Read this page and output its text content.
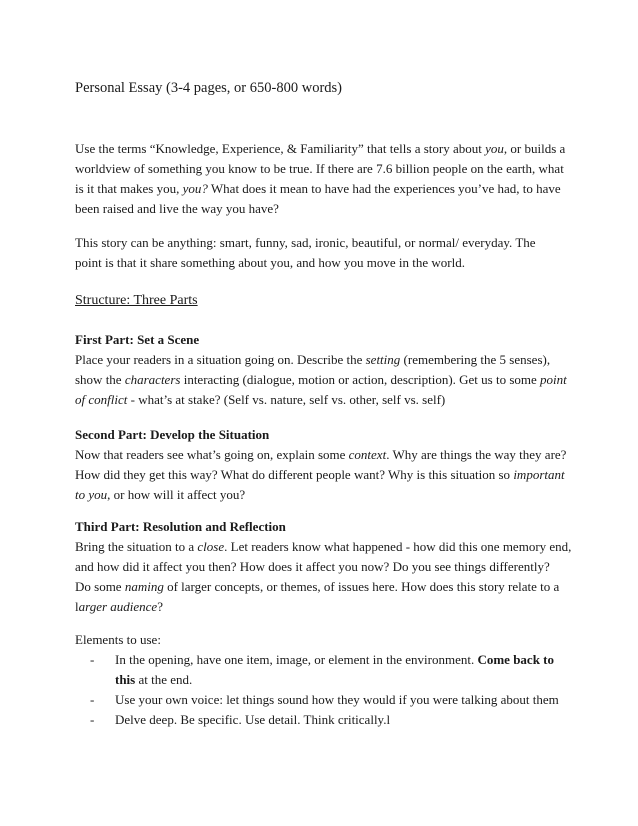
Personal Essay (3-4 pages, or 650-800 words)
Use the terms “Knowledge, Experience, & Familiarity” that tells a story about you, or builds a
worldview of something you know to be true. If there are 7.6 billion people on the earth, what
is it that makes you, you? What does it mean to have had the experiences you’ve had, to have
been raised and live the way you have?
This story can be anything: smart, funny, sad, ironic, beautiful, or normal/ everyday. The
point is that it share something about you, and how you move in the world.
Structure: Three Parts
First Part: Set a Scene
Place your readers in a situation going on. Describe the setting (remembering the 5 senses),
show the characters interacting (dialogue, motion or action, description). Get us to some point
of conflict - what’s at stake? (Self vs. nature, self vs. other, self vs. self)
Second Part: Develop the Situation
Now that readers see what’s going on, explain some context. Why are things the way they are?
How did they get this way? What do different people want? Why is this situation so important
to you, or how will it affect you?
Third Part: Resolution and Reflection
Bring the situation to a close. Let readers know what happened - how did this one memory end,
and how did it affect you then? How does it affect you now? Do you see things differently?
Do some naming of larger concepts, or themes, of issues here. How does this story relate to a
larger audience?
Elements to use:
- In the opening, have one item, image, or element in the environment. Come back to
this at the end.
- Use your own voice: let things sound how they would if you were talking about them
- Delve deep. Be specific. Use detail. Think critically.l
